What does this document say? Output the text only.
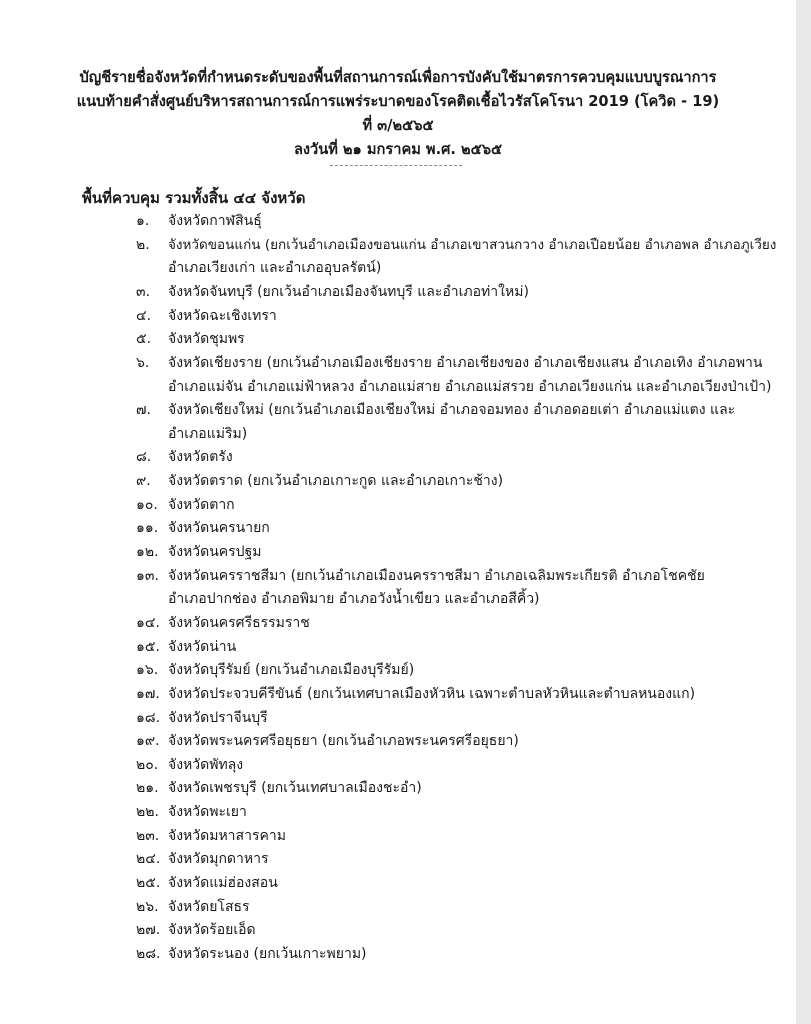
บัญชีรายชื่อจังหวัดที่กำหนดระดับของพื้นที่สถานการณ์เพื่อการบังคับใช้มาตรการควบคุมแบบบูรณาการ
แนบท้ายคำสั่งศูนย์บริหารสถานการณ์การแพร่ระบาดของโรคติดเชื้อไวรัสโคโรนา 2019 (โควิด - 19)
ที่ ๓/๒๕๖๕
ลงวันที่ ๒๑ มกราคม พ.ศ. ๒๕๖๕
พื้นที่ควบคุม รวมทั้งสิ้น ๔๔ จังหวัด
๑. จังหวัดกาฬสินธุ์
๒. จังหวัดขอนแก่น (ยกเว้นอำเภอเมืองขอนแก่น อำเภอเขาสวนกวาง อำเภอเปือยน้อย อำเภอพล อำเภอภูเวียง
อำเภอเวียงเก่า และอำเภออุบลรัตน์)
๓. จังหวัดจันทบุรี (ยกเว้นอำเภอเมืองจันทบุรี และอำเภอท่าใหม่)
๔. จังหวัดฉะเชิงเทรา
๕. จังหวัดชุมพร
๖. จังหวัดเชียงราย (ยกเว้นอำเภอเมืองเชียงราย อำเภอเชียงของ อำเภอเชียงแสน อำเภอเทิง อำเภอพาน
อำเภอแม่จัน อำเภอแม่ฟ้าหลวง อำเภอแม่สาย อำเภอแม่สรวย อำเภอเวียงแก่น และอำเภอเวียงป่าเป้า)
๗. จังหวัดเชียงใหม่ (ยกเว้นอำเภอเมืองเชียงใหม่ อำเภอจอมทอง อำเภอดอยเต่า อำเภอแม่แตง และ
อำเภอแม่ริม)
๘. จังหวัดตรัง
๙. จังหวัดตราด (ยกเว้นอำเภอเกาะกูด และอำเภอเกาะช้าง)
๑๐. จังหวัดตาก
๑๑. จังหวัดนครนายก
๑๒. จังหวัดนครปฐม
๑๓. จังหวัดนครราชสีมา (ยกเว้นอำเภอเมืองนครราชสีมา อำเภอเฉลิมพระเกียรติ อำเภอโชคชัย
อำเภอปากช่อง อำเภอพิมาย อำเภอวังน้ำเขียว และอำเภอสีคิ้ว)
๑๔. จังหวัดนครศรีธรรมราช
๑๕. จังหวัดน่าน
๑๖. จังหวัดบุรีรัมย์ (ยกเว้นอำเภอเมืองบุรีรัมย์)
๑๗. จังหวัดประจวบคีรีขันธ์ (ยกเว้นเทศบาลเมืองหัวหิน เฉพาะตำบลหัวหินและตำบลหนองแก)
๑๘. จังหวัดปราจีนบุรี
๑๙. จังหวัดพระนครศรีอยุธยา (ยกเว้นอำเภอพระนครศรีอยุธยา)
๒๐. จังหวัดพัทลุง
๒๑. จังหวัดเพชรบุรี (ยกเว้นเทศบาลเมืองชะอำ)
๒๒. จังหวัดพะเยา
๒๓. จังหวัดมหาสารคาม
๒๔. จังหวัดมุกดาหาร
๒๕. จังหวัดแม่ฮ่องสอน
๒๖. จังหวัดยโสธร
๒๗. จังหวัดร้อยเอ็ด
๒๘. จังหวัดระนอง (ยกเว้นเกาะพยาม)
